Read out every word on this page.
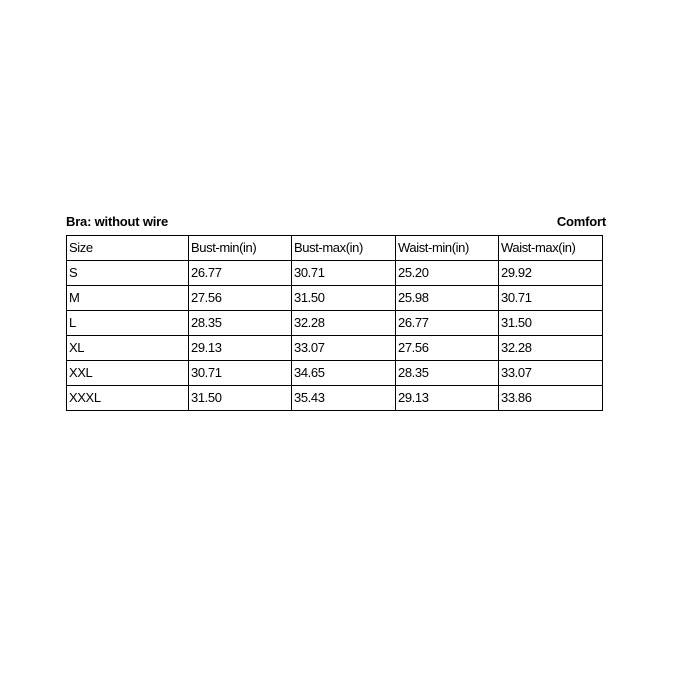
Bra: without wire	Comfort
Size	Bust-min(in)	Bust-max(in)	Waist-min(in)	Waist-max(in)
S	26.77	30.71	25.20	29.92
M	27.56	31.50	25.98	30.71
L	28.35	32.28	26.77	31.50
XL	29.13	33.07	27.56	32.28
XXL	30.71	34.65	28.35	33.07
XXXL	31.50	35.43	29.13	33.86
